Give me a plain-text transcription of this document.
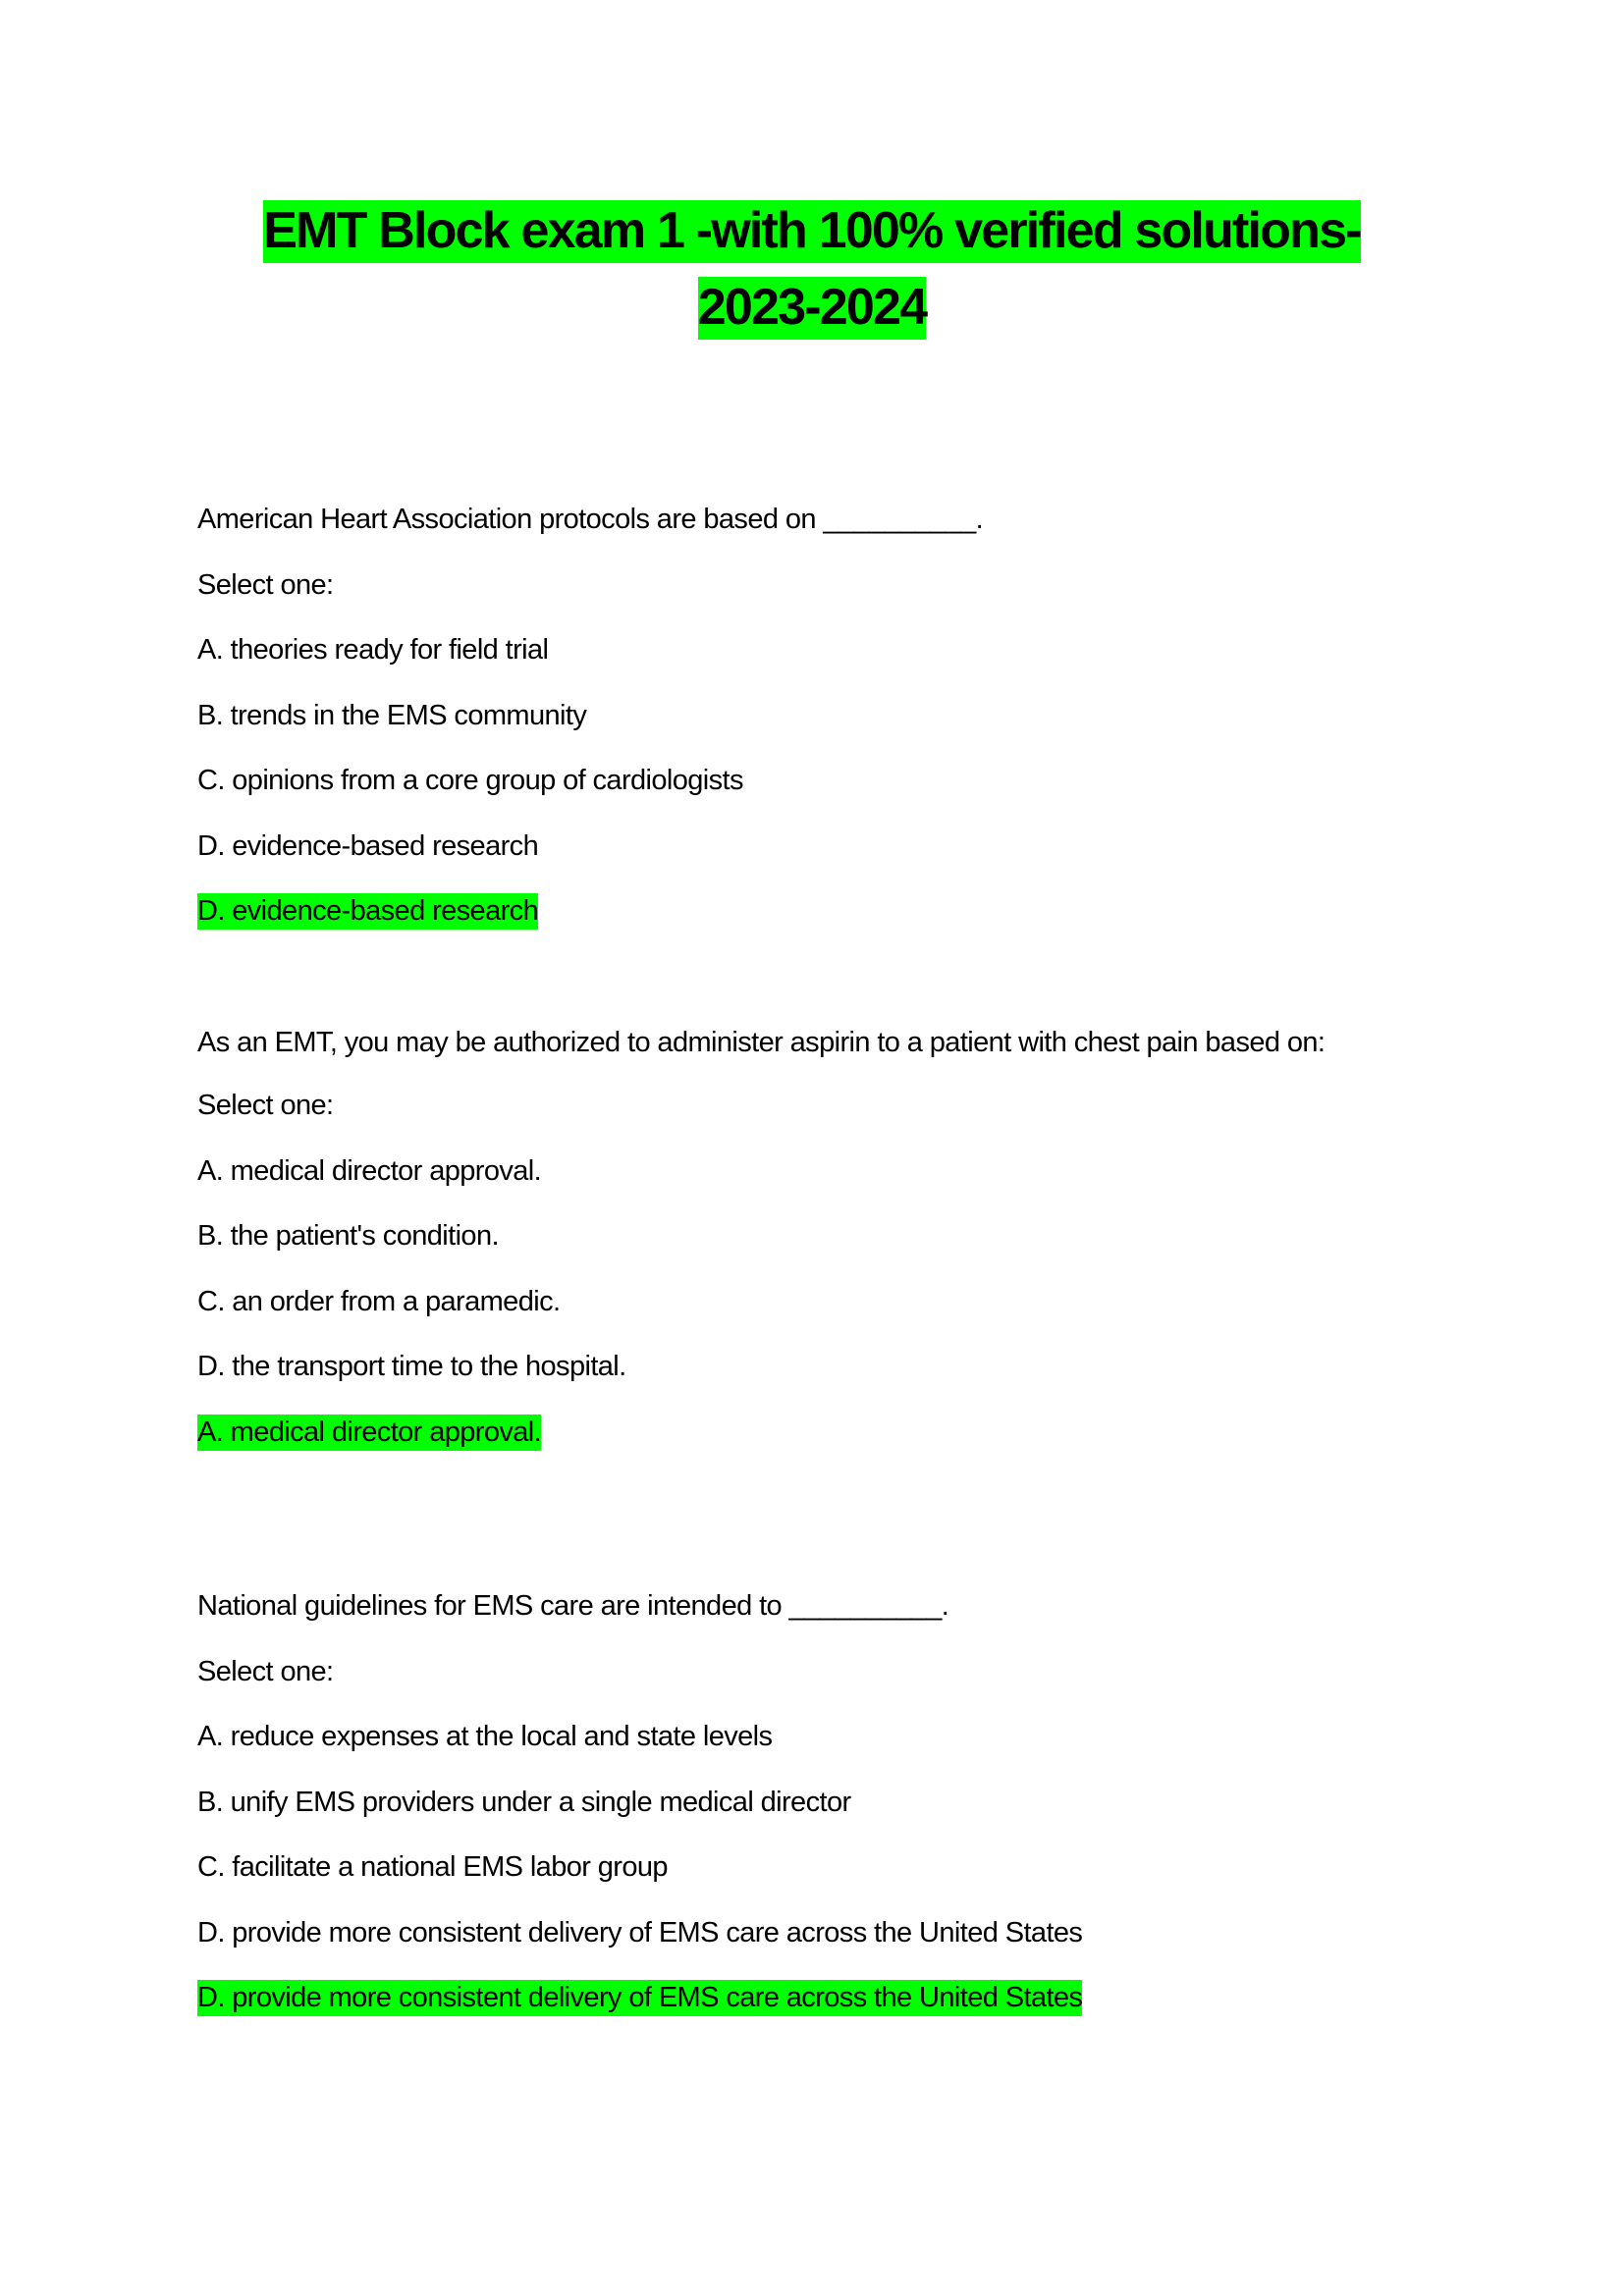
EMT Block exam 1 -with 100% verified solutions-
2023-2024
American Heart Association protocols are based on __________.
Select one:
A. theories ready for field trial
B. trends in the EMS community
C. opinions from a core group of cardiologists
D. evidence-based research
D. evidence-based research
As an EMT, you may be authorized to administer aspirin to a patient with chest pain based on:
Select one:
A. medical director approval.
B. the patient's condition.
C. an order from a paramedic.
D. the transport time to the hospital.
A. medical director approval.
National guidelines for EMS care are intended to __________.
Select one:
A. reduce expenses at the local and state levels
B. unify EMS providers under a single medical director
C. facilitate a national EMS labor group
D. provide more consistent delivery of EMS care across the United States
D. provide more consistent delivery of EMS care across the United States
